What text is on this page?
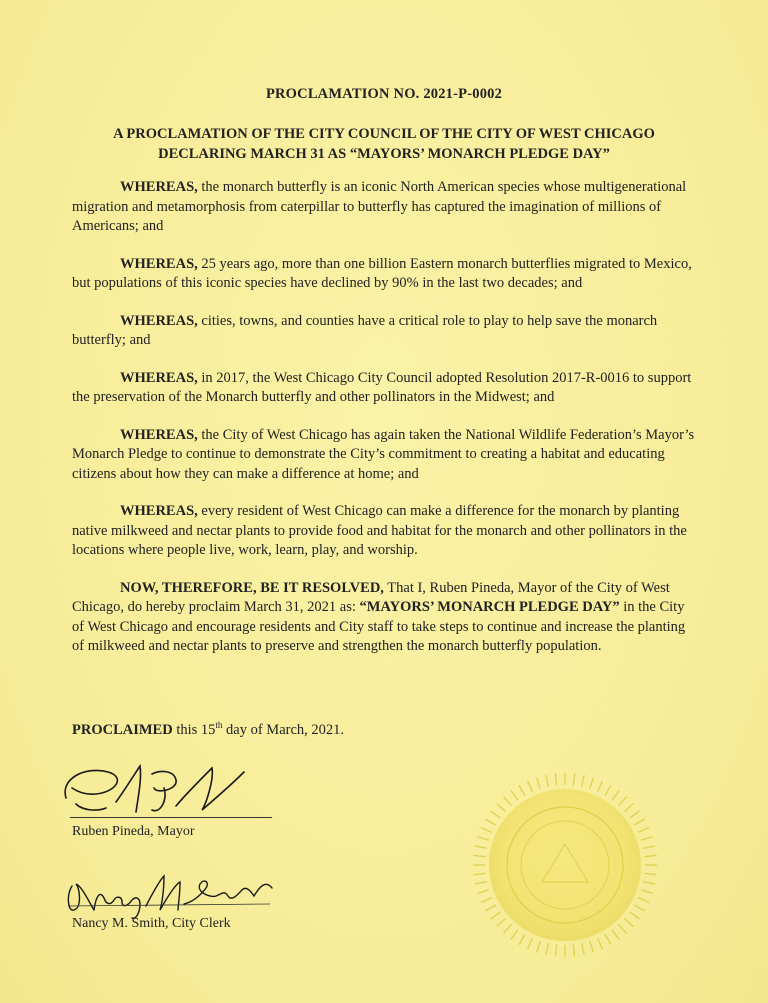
PROCLAMATION NO. 2021-P-0002
A PROCLAMATION OF THE CITY COUNCIL OF THE CITY OF WEST CHICAGO
DECLARING MARCH 31 AS “MAYORS’ MONARCH PLEDGE DAY”

WHEREAS, the monarch butterfly is an iconic North American species whose multigenerational migration and metamorphosis from caterpillar to butterfly has captured the imagination of millions of Americans; and

WHEREAS, 25 years ago, more than one billion Eastern monarch butterflies migrated to Mexico, but populations of this iconic species have declined by 90% in the last two decades; and

WHEREAS, cities, towns, and counties have a critical role to play to help save the monarch butterfly; and

WHEREAS, in 2017, the West Chicago City Council adopted Resolution 2017-R-0016 to support the preservation of the Monarch butterfly and other pollinators in the Midwest; and

WHEREAS, the City of West Chicago has again taken the National Wildlife Federation’s Mayor’s Monarch Pledge to continue to demonstrate the City’s commitment to creating a habitat and educating citizens about how they can make a difference at home; and

WHEREAS, every resident of West Chicago can make a difference for the monarch by planting native milkweed and nectar plants to provide food and habitat for the monarch and other pollinators in the locations where people live, work, learn, play, and worship.

NOW, THEREFORE, BE IT RESOLVED, That I, Ruben Pineda, Mayor of the City of West Chicago, do hereby proclaim March 31, 2021 as: “MAYORS’ MONARCH PLEDGE DAY” in the City of West Chicago and encourage residents and City staff to take steps to continue and increase the planting of milkweed and nectar plants to preserve and strengthen the monarch butterfly population.

PROCLAIMED this 15th day of March, 2021.
Ruben Pineda, Mayor
Nancy M. Smith, City Clerk
